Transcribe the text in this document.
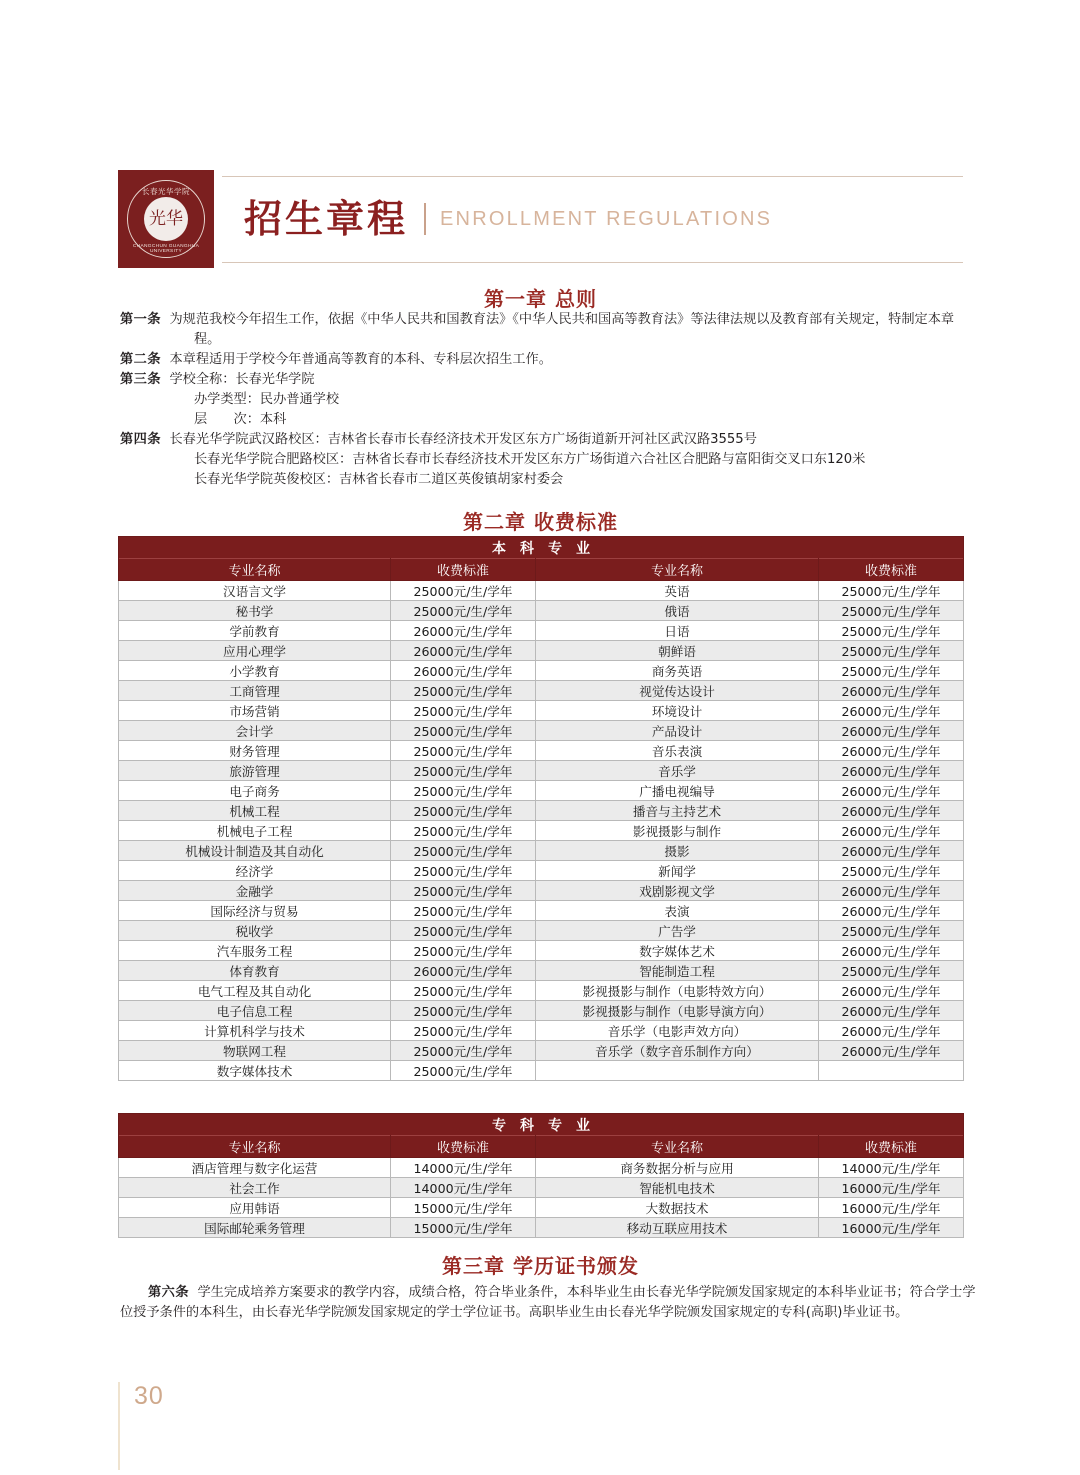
长春光华学院
光华
CHANGCHUN GUANGHUA UNIVERSITY
招生章程 ENROLLMENT REGULATIONS
第一章 总则
第一条 为规范我校今年招生工作，依据《中华人民共和国教育法》《中华人民共和国高等教育法》等法律法规以及教育部有关规定，特制定本章程。
第二条 本章程适用于学校今年普通高等教育的本科、专科层次招生工作。
第三条 学校全称：长春光华学院
办学类型：民办普通学校
层　　次：本科
第四条 长春光华学院武汉路校区：吉林省长春市长春经济技术开发区东方广场街道新开河社区武汉路3555号
长春光华学院合肥路校区：吉林省长春市长春经济技术开发区东方广场街道六合社区合肥路与富阳街交叉口东120米
长春光华学院英俊校区：吉林省长春市二道区英俊镇胡家村委会
第二章 收费标准
本科专业			
专业名称	收费标准	专业名称	收费标准
汉语言文学	25000元/生/学年	英语	25000元/生/学年
秘书学	25000元/生/学年	俄语	25000元/生/学年
学前教育	26000元/生/学年	日语	25000元/生/学年
应用心理学	26000元/生/学年	朝鲜语	25000元/生/学年
小学教育	26000元/生/学年	商务英语	25000元/生/学年
工商管理	25000元/生/学年	视觉传达设计	26000元/生/学年
市场营销	25000元/生/学年	环境设计	26000元/生/学年
会计学	25000元/生/学年	产品设计	26000元/生/学年
财务管理	25000元/生/学年	音乐表演	26000元/生/学年
旅游管理	25000元/生/学年	音乐学	26000元/生/学年
电子商务	25000元/生/学年	广播电视编导	26000元/生/学年
机械工程	25000元/生/学年	播音与主持艺术	26000元/生/学年
机械电子工程	25000元/生/学年	影视摄影与制作	26000元/生/学年
机械设计制造及其自动化	25000元/生/学年	摄影	26000元/生/学年
经济学	25000元/生/学年	新闻学	25000元/生/学年
金融学	25000元/生/学年	戏剧影视文学	26000元/生/学年
国际经济与贸易	25000元/生/学年	表演	26000元/生/学年
税收学	25000元/生/学年	广告学	25000元/生/学年
汽车服务工程	25000元/生/学年	数字媒体艺术	26000元/生/学年
体育教育	26000元/生/学年	智能制造工程	25000元/生/学年
电气工程及其自动化	25000元/生/学年	影视摄影与制作（电影特效方向）	26000元/生/学年
电子信息工程	25000元/生/学年	影视摄影与制作（电影导演方向）	26000元/生/学年
计算机科学与技术	25000元/生/学年	音乐学（电影声效方向）	26000元/生/学年
物联网工程	25000元/生/学年	音乐学（数字音乐制作方向）	26000元/生/学年
数字媒体技术	25000元/生/学年		
专科专业			
专业名称	收费标准	专业名称	收费标准
酒店管理与数字化运营	14000元/生/学年	商务数据分析与应用	14000元/生/学年
社会工作	14000元/生/学年	智能机电技术	16000元/生/学年
应用韩语	15000元/生/学年	大数据技术	16000元/生/学年
国际邮轮乘务管理	15000元/生/学年	移动互联应用技术	16000元/生/学年
第三章 学历证书颁发
第六条 学生完成培养方案要求的教学内容，成绩合格，符合毕业条件，本科毕业生由长春光华学院颁发国家规定的本科毕业证书；符合学士学位授予条件的本科生，由长春光华学院颁发国家规定的学士学位证书。高职毕业生由长春光华学院颁发国家规定的专科(高职)毕业证书。
30
